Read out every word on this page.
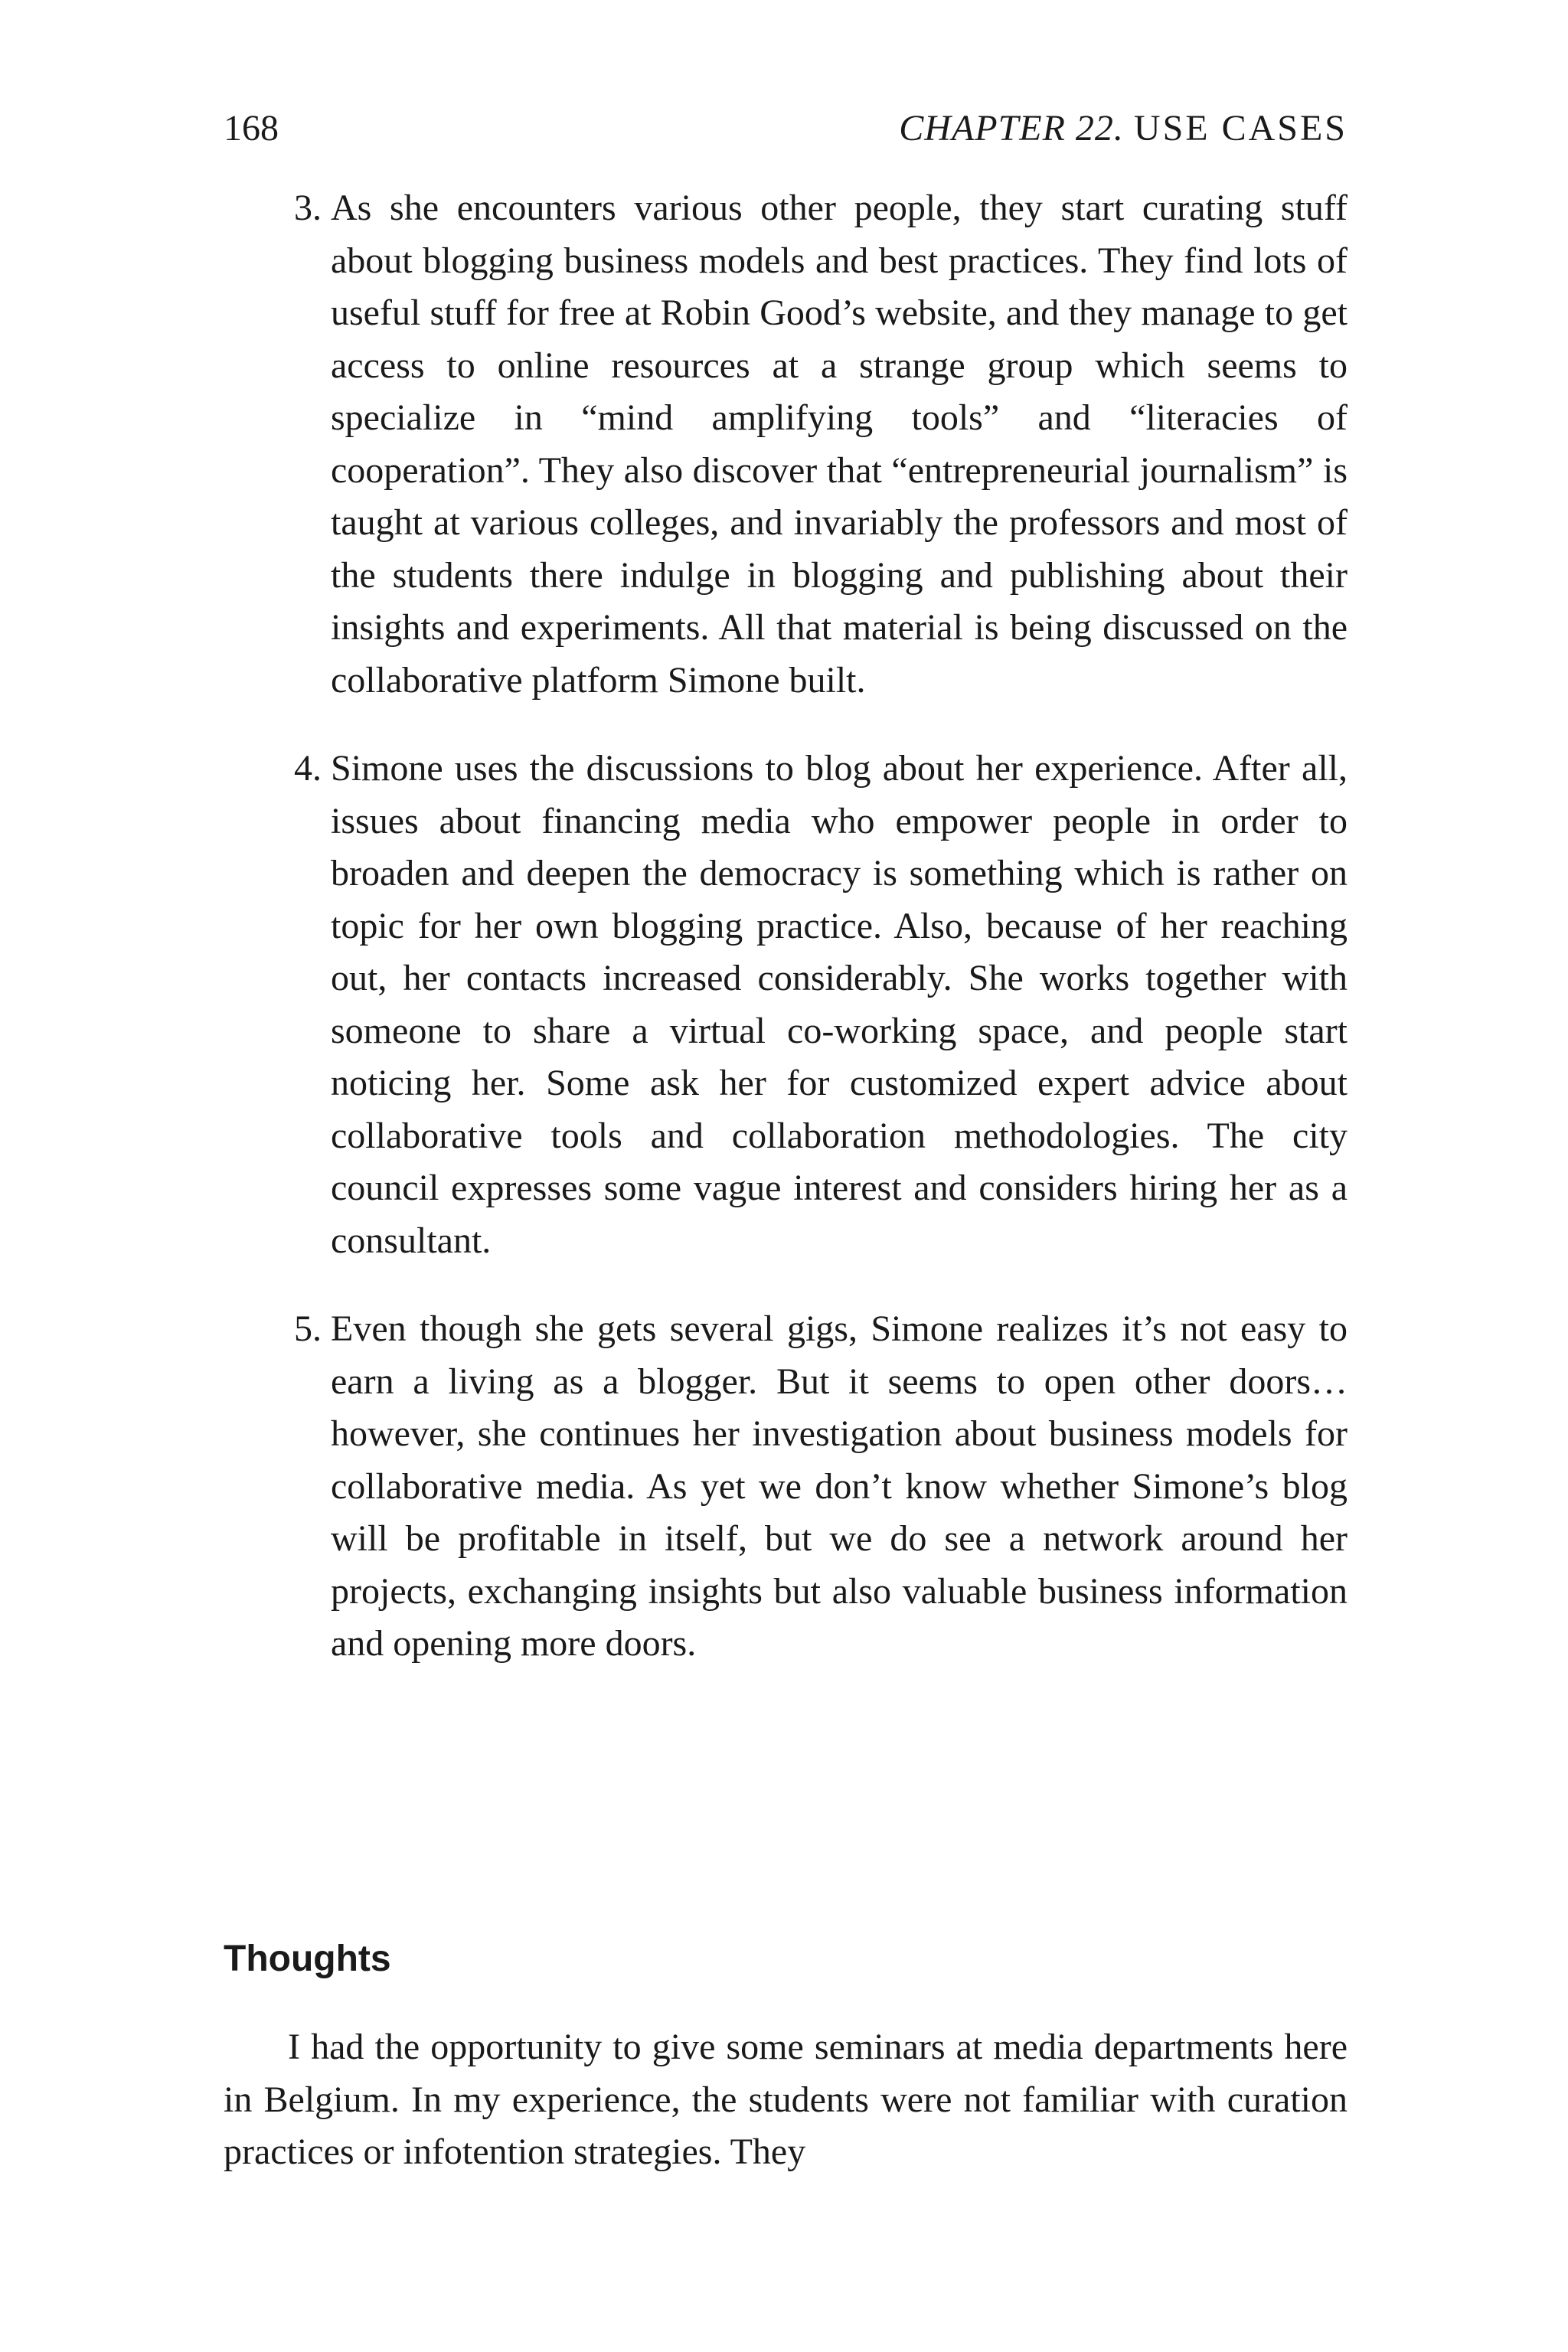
168	CHAPTER 22. USE CASES
3. As she encounters various other people, they start curating stuff about blogging business models and best practices. They find lots of useful stuff for free at Robin Good’s website, and they manage to get access to online resources at a strange group which seems to specialize in “mind amplifying tools” and “literacies of cooperation”. They also discover that “entrepreneurial journalism” is taught at various colleges, and invariably the professors and most of the students there indulge in blogging and publishing about their insights and experiments. All that material is being discussed on the collaborative platform Simone built.

4. Simone uses the discussions to blog about her experience. After all, issues about financing media who empower people in order to broaden and deepen the democracy is something which is rather on topic for her own blogging practice. Also, because of her reaching out, her contacts increased considerably. She works together with someone to share a virtual co-working space, and people start noticing her. Some ask her for customized expert advice about collaborative tools and collaboration methodologies. The city council expresses some vague interest and considers hiring her as a consultant.

5. Even though she gets several gigs, Simone realizes it’s not easy to earn a living as a blogger. But it seems to open other doors… however, she continues her investigation about business models for collaborative media. As yet we don’t know whether Simone’s blog will be profitable in itself, but we do see a network around her projects, exchanging insights but also valuable business information and opening more doors.

Thoughts

I had the opportunity to give some seminars at media departments here in Belgium. In my experience, the students were not familiar with curation practices or infotention strategies. They
